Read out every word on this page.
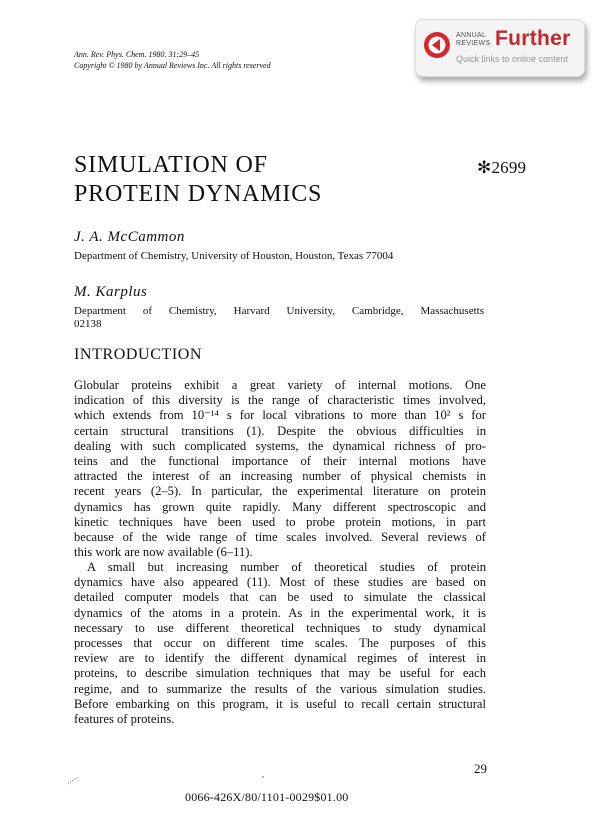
Ann. Rev. Phys. Chem. 1980. 31:29–45
Copyright © 1980 by Annual Reviews Inc. All rights reserved
ANNUAL
REVIEWS Further
Quick links to online content
SIMULATION OF
PROTEIN DYNAMICS
✻2699
J. A. McCammon
Department of Chemistry, University of Houston, Houston, Texas 77004
M. Karplus
Department of Chemistry, Harvard University, Cambridge, Massachusetts
02138
INTRODUCTION
Globular proteins exhibit a great variety of internal motions. One
indication of this diversity is the range of characteristic times involved,
which extends from 10⁻¹⁴ s for local vibrations to more than 10² s for
certain structural transitions (1). Despite the obvious difficulties in
dealing with such complicated systems, the dynamical richness of pro-
teins and the functional importance of their internal motions have
attracted the interest of an increasing number of physical chemists in
recent years (2–5). In particular, the experimental literature on protein
dynamics has grown quite rapidly. Many different spectroscopic and
kinetic techniques have been used to probe protein motions, in part
because of the wide range of time scales involved. Several reviews of
this work are now available (6–11).
A small but increasing number of theoretical studies of protein
dynamics have also appeared (11). Most of these studies are based on
detailed computer models that can be used to simulate the classical
dynamics of the atoms in a protein. As in the experimental work, it is
necessary to use different theoretical techniques to study dynamical
processes that occur on different time scales. The purposes of this
review are to identify the different dynamical regimes of interest in
proteins, to describe simulation techniques that may be useful for each
regime, and to summarize the results of the various simulation studies.
Before embarking on this program, it is useful to recall certain structural
features of proteins.
29
0066-426X/80/1101-0029$01.00
